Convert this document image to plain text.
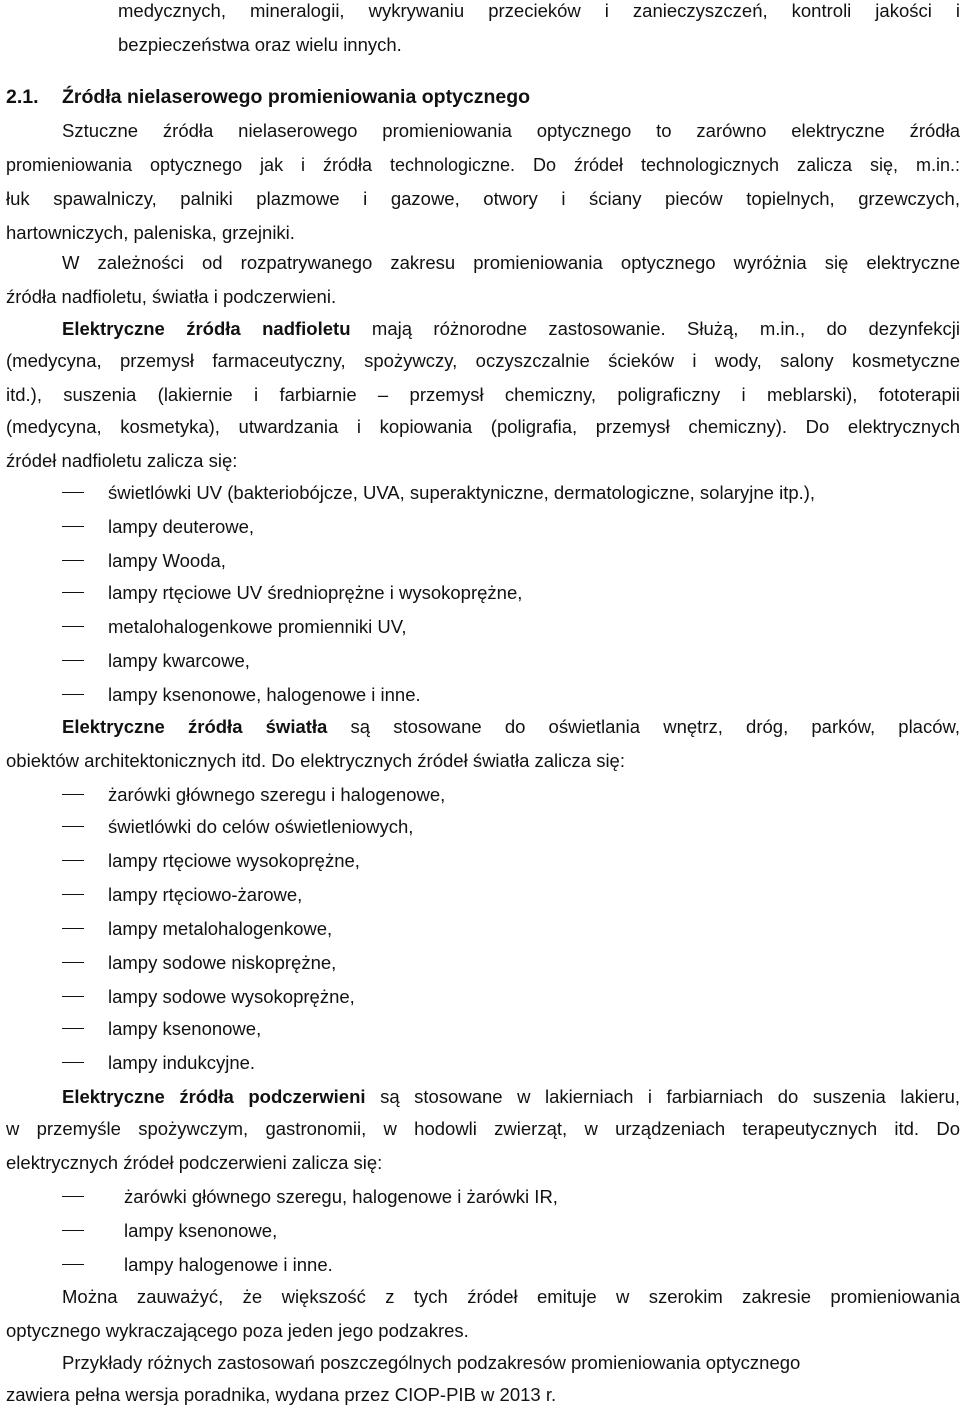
medycznych, mineralogii, wykrywaniu przecieków i zanieczyszczeń, kontroli jakości i
bezpieczeństwa oraz wielu innych.
2.1. Źródła nielaserowego promieniowania optycznego
Sztuczne źródła nielaserowego promieniowania optycznego to zarówno elektryczne źródła
promieniowania optycznego jak i źródła technologiczne. Do źródeł technologicznych zalicza się, m.in.:
łuk spawalniczy, palniki plazmowe i gazowe, otwory i ściany pieców topielnych, grzewczych,
hartowniczych, paleniska, grzejniki.
W zależności od rozpatrywanego zakresu promieniowania optycznego wyróżnia się elektryczne
źródła nadfioletu, światła i podczerwieni.
Elektryczne źródła nadfioletu mają różnorodne zastosowanie. Służą, m.in., do dezynfekcji
(medycyna, przemysł farmaceutyczny, spożywczy, oczyszczalnie ścieków i wody, salony kosmetyczne
itd.), suszenia (lakiernie i farbiarnie – przemysł chemiczny, poligraficzny i meblarski), fototerapii
(medycyna, kosmetyka), utwardzania i kopiowania (poligrafia, przemysł chemiczny). Do elektrycznych
źródeł nadfioletu zalicza się:
świetlówki UV (bakteriobójcze, UVA, superaktyniczne, dermatologiczne, solaryjne itp.),
lampy deuterowe,
lampy Wooda,
lampy rtęciowe UV średnioprężne i wysokoprężne,
metalohalogenkowe promienniki UV,
lampy kwarcowe,
lampy ksenonowe, halogenowe i inne.
Elektryczne źródła światła są stosowane do oświetlania wnętrz, dróg, parków, placów,
obiektów architektonicznych itd. Do elektrycznych źródeł światła zalicza się:
żarówki głównego szeregu i halogenowe,
świetlówki do celów oświetleniowych,
lampy rtęciowe wysokoprężne,
lampy rtęciowo-żarowe,
lampy metalohalogenkowe,
lampy sodowe niskoprężne,
lampy sodowe wysokoprężne,
lampy ksenonowe,
lampy indukcyjne.
Elektryczne źródła podczerwieni są stosowane w lakierniach i farbiarniach do suszenia lakieru,
w przemyśle spożywczym, gastronomii, w hodowli zwierząt, w urządzeniach terapeutycznych itd. Do
elektrycznych źródeł podczerwieni zalicza się:
żarówki głównego szeregu, halogenowe i żarówki IR,
lampy ksenonowe,
lampy halogenowe i inne.
Można zauważyć, że większość z tych źródeł emituje w szerokim zakresie promieniowania
optycznego wykraczającego poza jeden jego podzakres.
Przykłady różnych zastosowań poszczególnych podzakresów promieniowania optycznego
zawiera pełna wersja poradnika, wydana przez CIOP-PIB w 2013 r.
